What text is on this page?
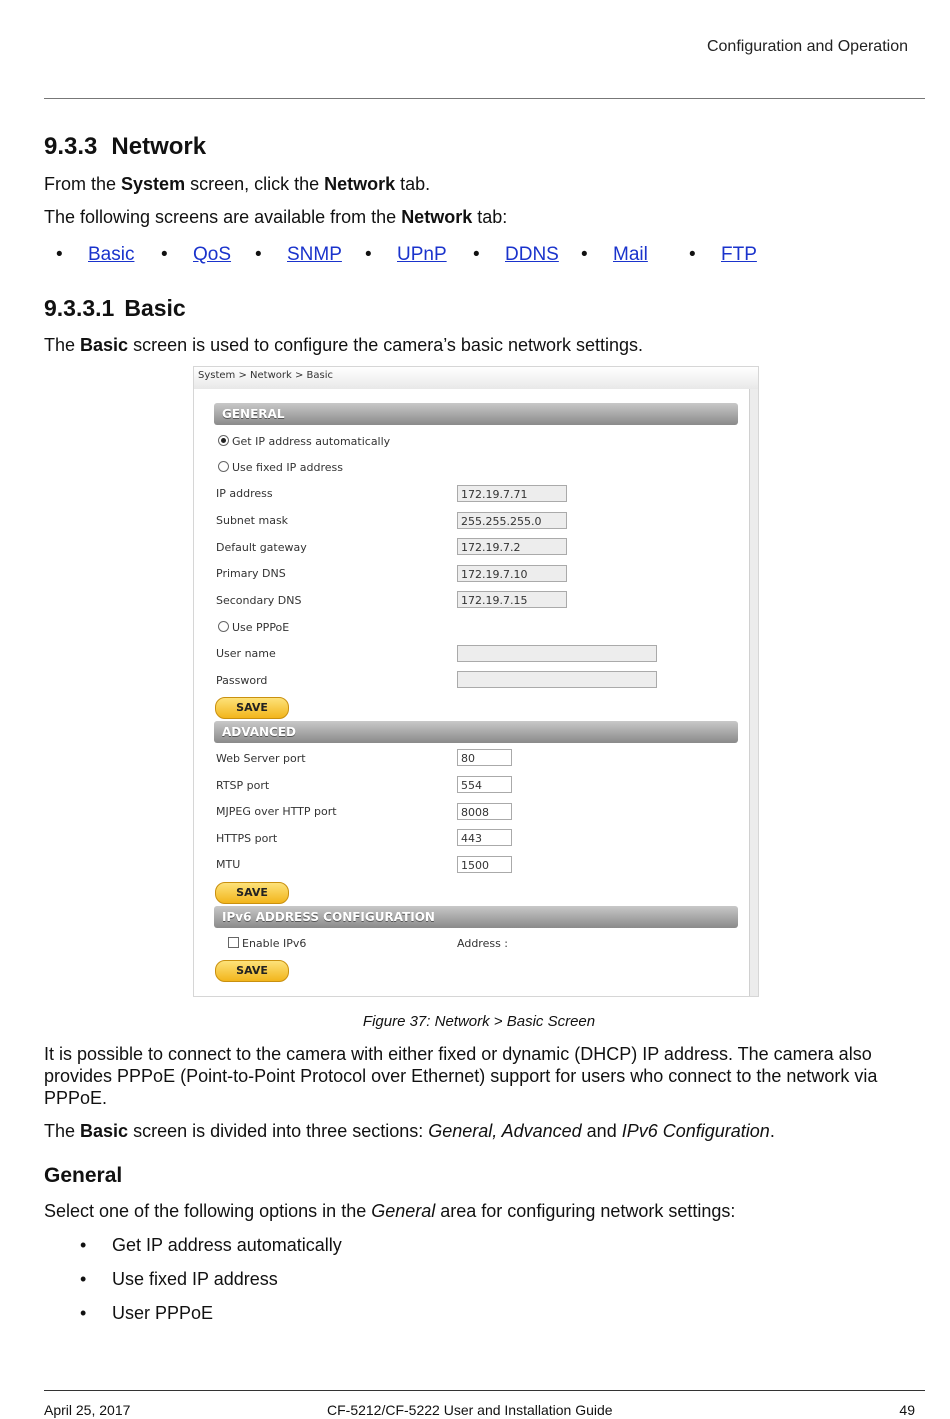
Configuration and Operation
9.3.3 Network
From the System screen, click the Network tab.
The following screens are available from the Network tab:
• Basic • QoS • SNMP • UPnP • DDNS • Mail • FTP
9.3.3.1 Basic
The Basic screen is used to configure the camera’s basic network settings.
System > Network > Basic
GENERAL
Get IP address automatically
Use fixed IP address
IP address	172.19.7.71
Subnet mask	255.255.255.0
Default gateway	172.19.7.2
Primary DNS	172.19.7.10
Secondary DNS	172.19.7.15
Use PPPoE
User name
Password
SAVE
ADVANCED
Web Server port	80
RTSP port	554
MJPEG over HTTP port	8008
HTTPS port	443
MTU	1500
SAVE
IPv6 ADDRESS CONFIGURATION
Enable IPv6	Address :
SAVE
Figure 37: Network > Basic Screen
It is possible to connect to the camera with either fixed or dynamic (DHCP) IP address. The camera also provides PPPoE (Point-to-Point Protocol over Ethernet) support for users who connect to the network via PPPoE.
The Basic screen is divided into three sections: General, Advanced and IPv6 Configuration.
General
Select one of the following options in the General area for configuring network settings:
• Get IP address automatically
• Use fixed IP address
• User PPPoE
April 25, 2017	CF-5212/CF-5222 User and Installation Guide	49
